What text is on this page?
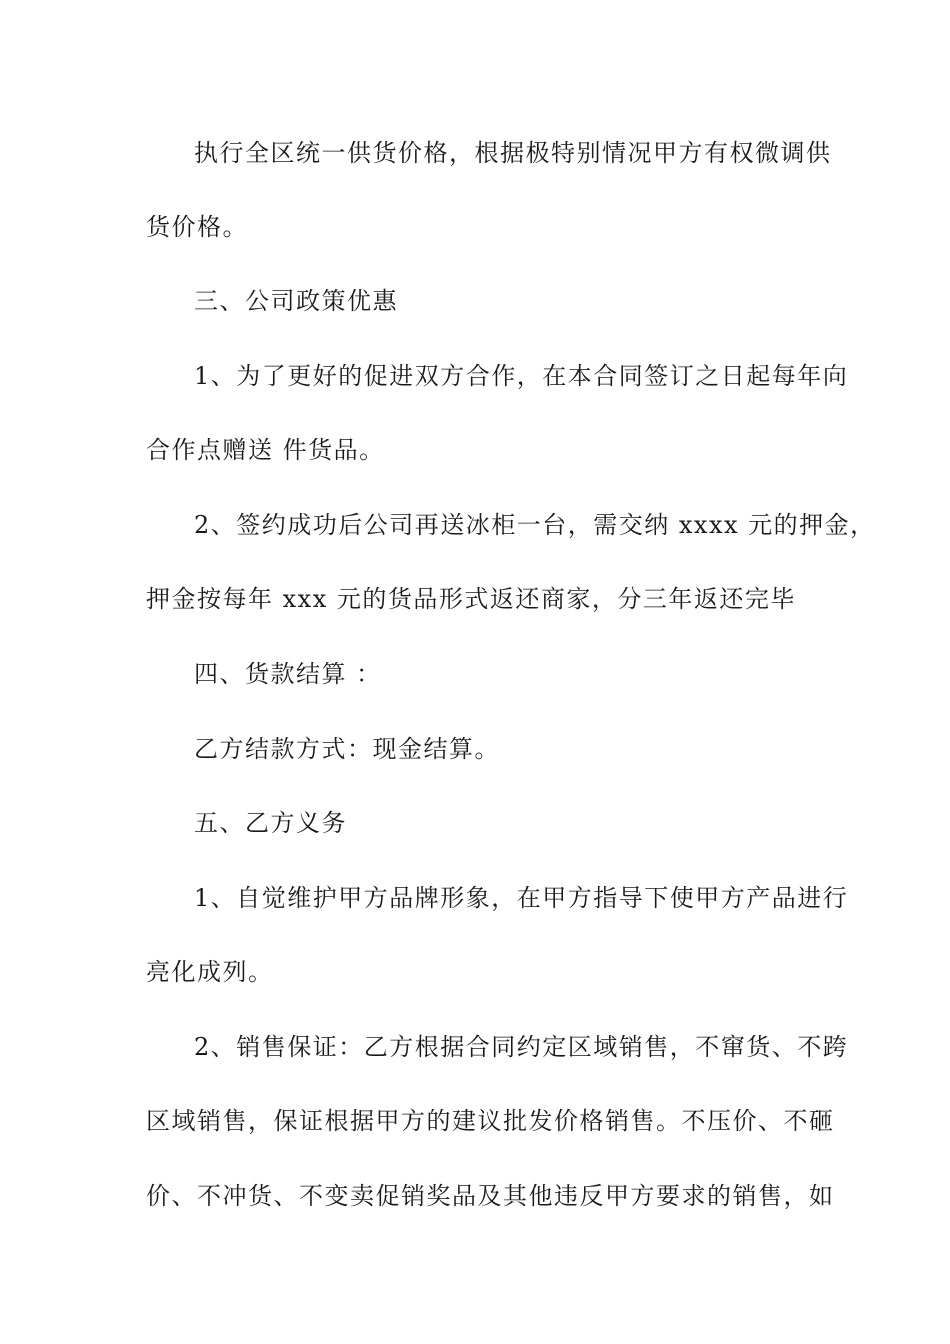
执行全区统一供货价格，根据极特别情况甲方有权微调供
货价格。
三、公司政策优惠
1、为了更好的促进双方合作，在本合同签订之日起每年向
合作点赠送 件货品。
2、签约成功后公司再送冰柜一台，需交纳 xxxx 元的押金，
押金按每年 xxx 元的货品形式返还商家，分三年返还完毕
四、货款结算 ：
乙方结款方式：现金结算。
五、乙方义务
1、自觉维护甲方品牌形象，在甲方指导下使甲方产品进行
亮化成列。
2、销售保证：乙方根据合同约定区域销售，不窜货、不跨
区域销售，保证根据甲方的建议批发价格销售。不压价、不砸
价、不冲货、不变卖促销奖品及其他违反甲方要求的销售，如
